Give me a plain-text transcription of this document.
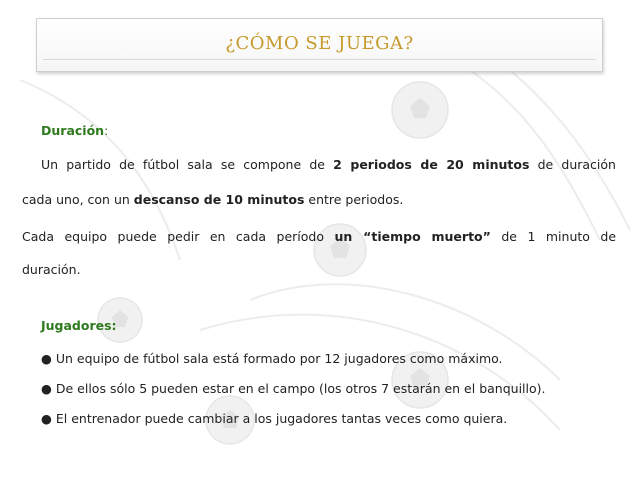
¿CÓMO SE JUEGA?
Duración:
Un partido de fútbol sala se compone de 2 periodos de 20 minutos de duración
cada uno, con un descanso de 10 minutos entre periodos.
Cada equipo puede pedir en cada período un “tiempo muerto” de 1 minuto de
duración.
Jugadores:
● Un equipo de fútbol sala está formado por 12 jugadores como máximo.
● De ellos sólo 5 pueden estar en el campo (los otros 7 estarán en el banquillo).
● El entrenador puede cambiar a los jugadores tantas veces como quiera.
